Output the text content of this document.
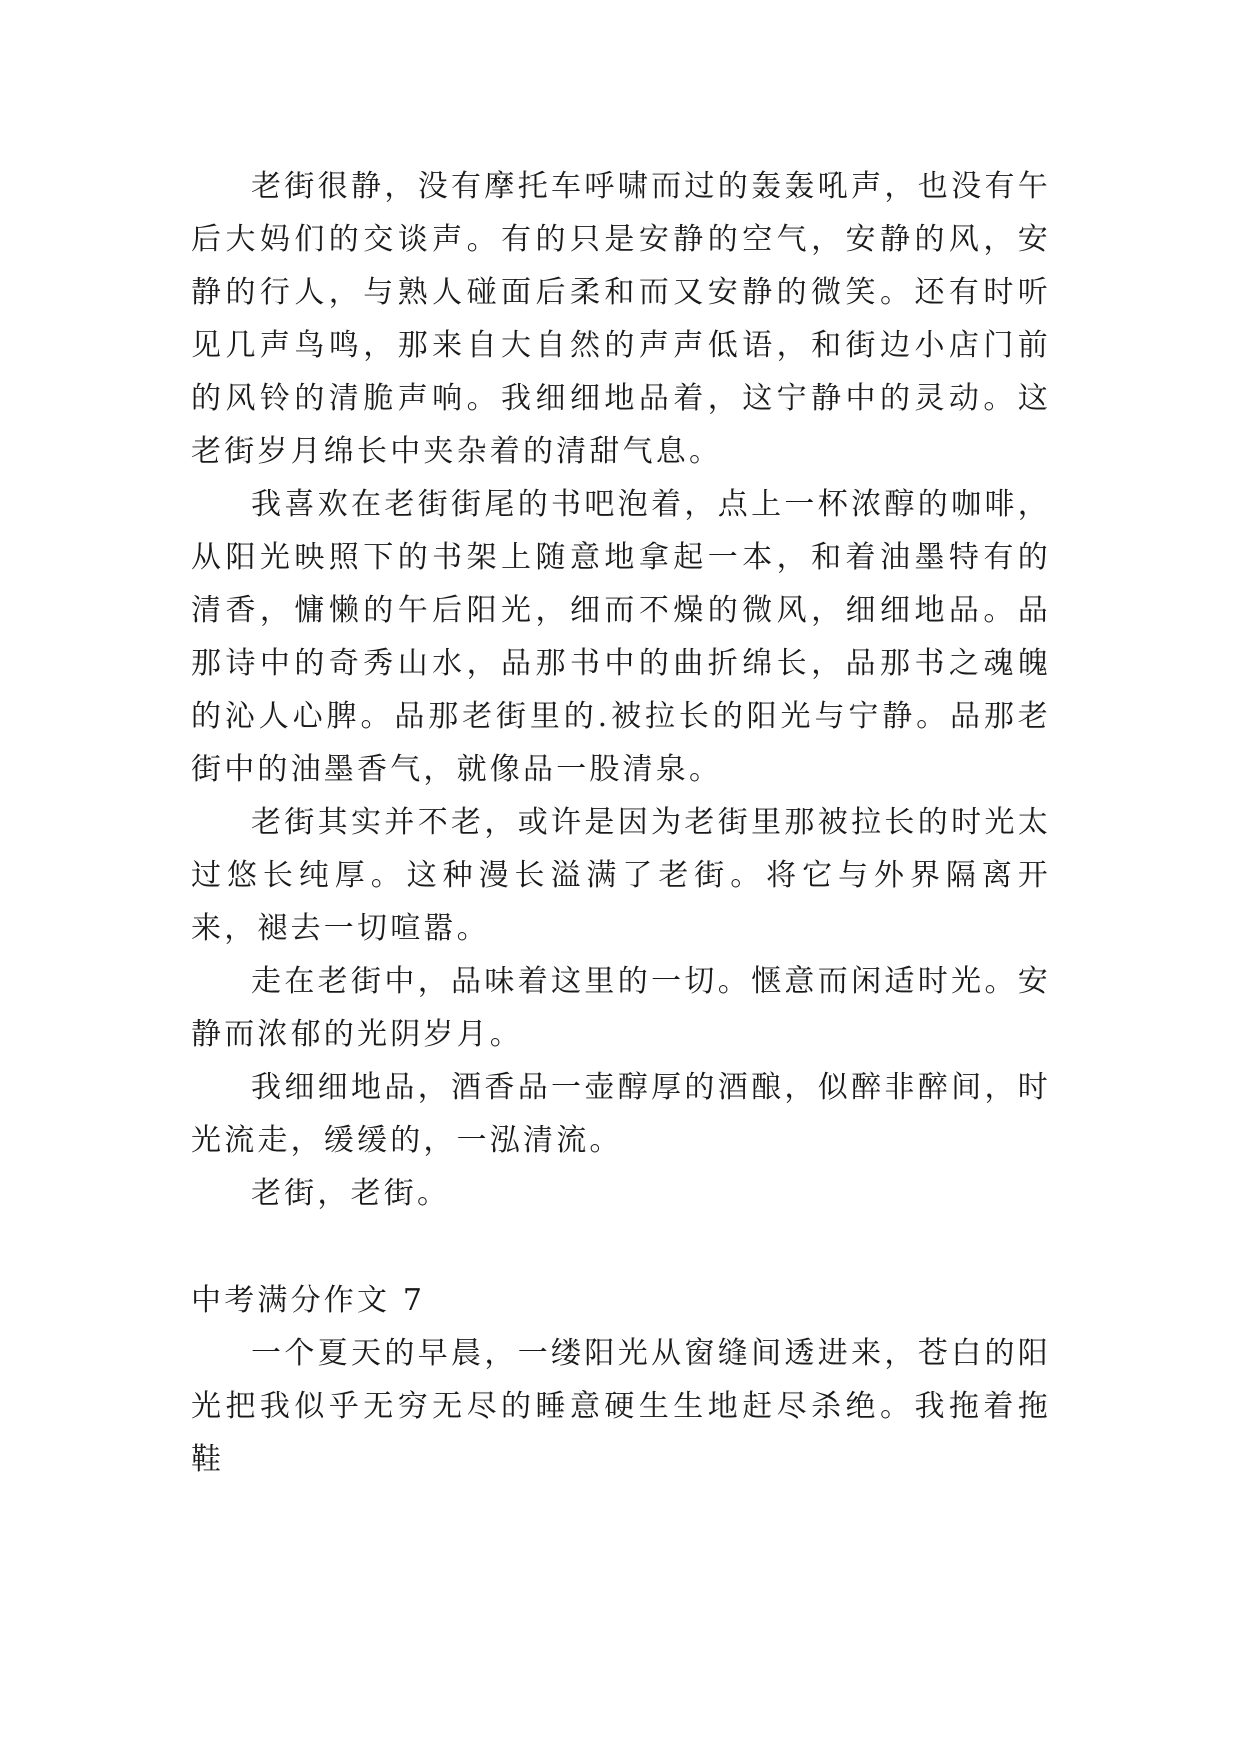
老街很静，没有摩托车呼啸而过的轰轰吼声，也没有午后大妈们的交谈声。有的只是安静的空气，安静的风，安静的行人，与熟人碰面后柔和而又安静的微笑。还有时听见几声鸟鸣，那来自大自然的声声低语，和街边小店门前的风铃的清脆声响。我细细地品着，这宁静中的灵动。这老街岁月绵长中夹杂着的清甜气息。

我喜欢在老街街尾的书吧泡着，点上一杯浓醇的咖啡，从阳光映照下的书架上随意地拿起一本，和着油墨特有的清香，慵懒的午后阳光，细而不燥的微风，细细地品。品那诗中的奇秀山水，品那书中的曲折绵长，品那书之魂魄的沁人心脾。品那老街里的.被拉长的阳光与宁静。品那老街中的油墨香气，就像品一股清泉。

老街其实并不老，或许是因为老街里那被拉长的时光太过悠长纯厚。这种漫长溢满了老街。将它与外界隔离开来，褪去一切喧嚣。

走在老街中，品味着这里的一切。惬意而闲适时光。安静而浓郁的光阴岁月。

我细细地品，酒香品一壶醇厚的酒酿，似醉非醉间，时光流走，缓缓的，一泓清流。

老街，老街。

中考满分作文 7

一个夏天的早晨，一缕阳光从窗缝间透进来，苍白的阳光把我似乎无穷无尽的睡意硬生生地赶尽杀绝。我拖着拖鞋
